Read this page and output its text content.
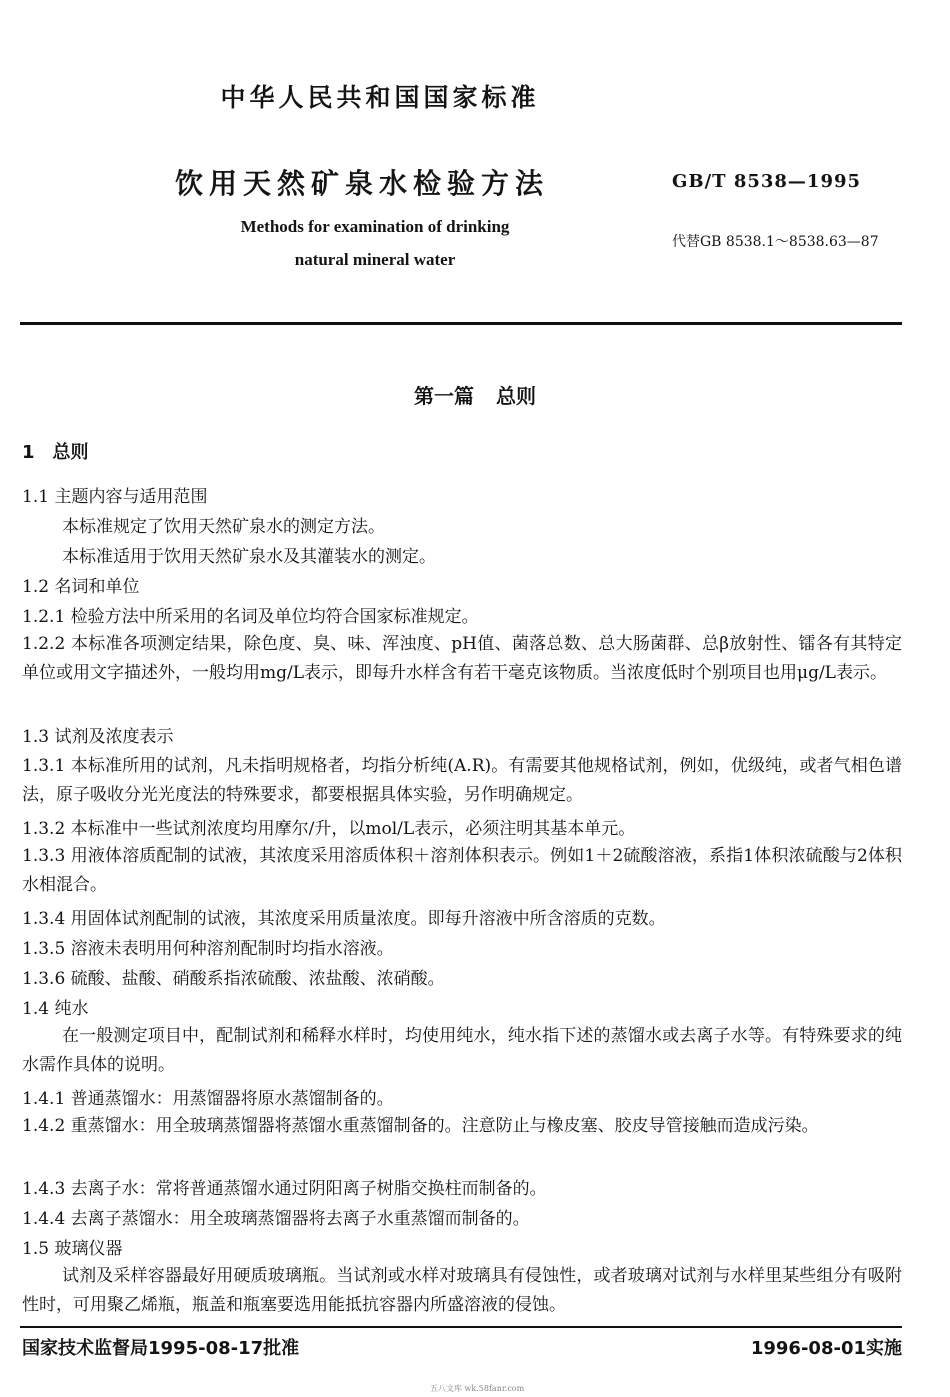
中华人民共和国国家标准
饮用天然矿泉水检验方法	GB/T 8538—1995
Methods for examination of drinking
natural mineral water
代替GB 8538.1～8538.63—87
第一篇 总则
1 总则
1.1 主题内容与适用范围
本标准规定了饮用天然矿泉水的测定方法。
本标准适用于饮用天然矿泉水及其灌装水的测定。
1.2 名词和单位
1.2.1 检验方法中所采用的名词及单位均符合国家标准规定。
1.2.2 本标准各项测定结果，除色度、臭、味、浑浊度、pH值、菌落总数、总大肠菌群、总β放射性、镭各有其特定单位或用文字描述外，一般均用mg/L表示，即每升水样含有若干毫克该物质。当浓度低时个别项目也用μg/L表示。
1.3 试剂及浓度表示
1.3.1 本标准所用的试剂，凡未指明规格者，均指分析纯(A.R)。有需要其他规格试剂，例如，优级纯，或者气相色谱法，原子吸收分光光度法的特殊要求，都要根据具体实验，另作明确规定。
1.3.2 本标准中一些试剂浓度均用摩尔/升，以mol/L表示，必须注明其基本单元。
1.3.3 用液体溶质配制的试液，其浓度采用溶质体积＋溶剂体积表示。例如1＋2硫酸溶液，系指1体积浓硫酸与2体积水相混合。
1.3.4 用固体试剂配制的试液，其浓度采用质量浓度。即每升溶液中所含溶质的克数。
1.3.5 溶液未表明用何种溶剂配制时均指水溶液。
1.3.6 硫酸、盐酸、硝酸系指浓硫酸、浓盐酸、浓硝酸。
1.4 纯水
在一般测定项目中，配制试剂和稀释水样时，均使用纯水，纯水指下述的蒸馏水或去离子水等。有特殊要求的纯水需作具体的说明。
1.4.1 普通蒸馏水：用蒸馏器将原水蒸馏制备的。
1.4.2 重蒸馏水：用全玻璃蒸馏器将蒸馏水重蒸馏制备的。注意防止与橡皮塞、胶皮导管接触而造成污染。
1.4.3 去离子水：常将普通蒸馏水通过阴阳离子树脂交换柱而制备的。
1.4.4 去离子蒸馏水：用全玻璃蒸馏器将去离子水重蒸馏而制备的。
1.5 玻璃仪器
试剂及采样容器最好用硬质玻璃瓶。当试剂或水样对玻璃具有侵蚀性，或者玻璃对试剂与水样里某些组分有吸附性时，可用聚乙烯瓶，瓶盖和瓶塞要选用能抵抗容器内所盛溶液的侵蚀。
国家技术监督局1995-08-17批准	1996-08-01实施
五八文库 wk.58fanr.com
